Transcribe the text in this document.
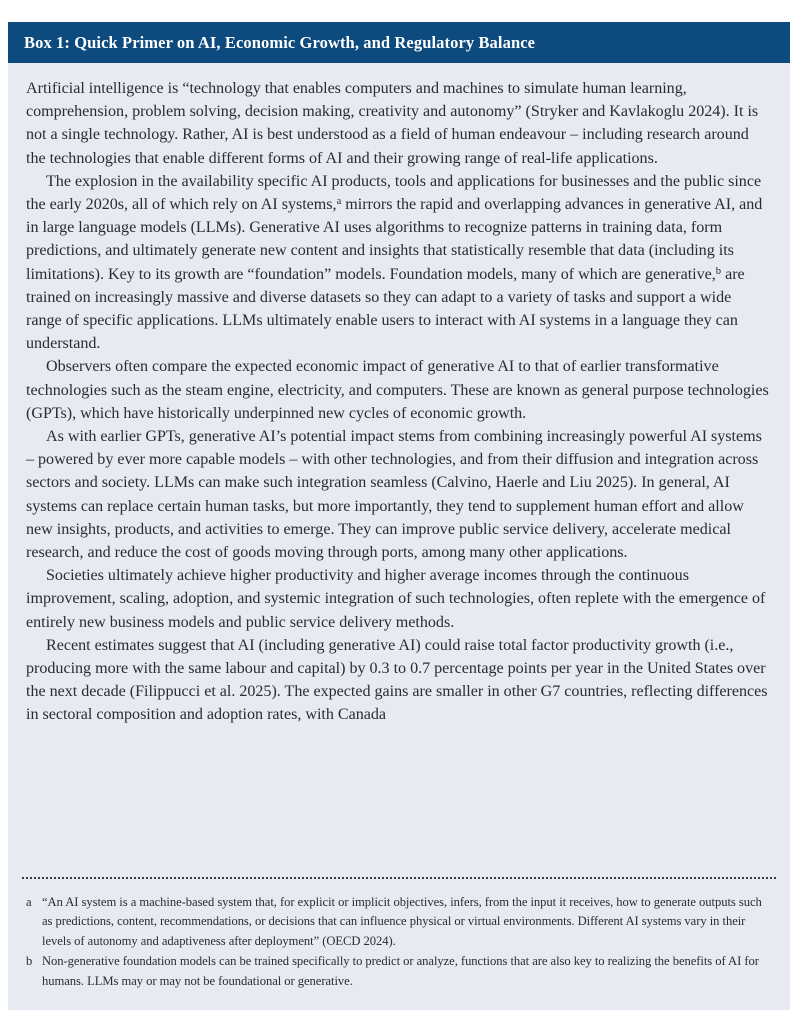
Box 1: Quick Primer on AI, Economic Growth, and Regulatory Balance

Artificial intelligence is “technology that enables computers and machines to simulate human learning, comprehension, problem solving, decision making, creativity and autonomy” (Stryker and Kavlakoglu 2024). It is not a single technology. Rather, AI is best understood as a field of human endeavour – including research around the technologies that enable different forms of AI and their growing range of real-life applications.

The explosion in the availability specific AI products, tools and applications for businesses and the public since the early 2020s, all of which rely on AI systems,$^a$ mirrors the rapid and overlapping advances in generative AI, and in large language models (LLMs). Generative AI uses algorithms to recognize patterns in training data, form predictions, and ultimately generate new content and insights that statistically resemble that data (including its limitations). Key to its growth are “foundation” models. Foundation models, many of which are generative,$^b$ are trained on increasingly massive and diverse datasets so they can adapt to a variety of tasks and support a wide range of specific applications. LLMs ultimately enable users to interact with AI systems in a language they can understand.

Observers often compare the expected economic impact of generative AI to that of earlier transformative technologies such as the steam engine, electricity, and computers. These are known as general purpose technologies (GPTs), which have historically underpinned new cycles of economic growth.

As with earlier GPTs, generative AI’s potential impact stems from combining increasingly powerful AI systems – powered by ever more capable models – with other technologies, and from their diffusion and integration across sectors and society. LLMs can make such integration seamless (Calvino, Haerle and Liu 2025). In general, AI systems can replace certain human tasks, but more importantly, they tend to supplement human effort and allow new insights, products, and activities to emerge. They can improve public service delivery, accelerate medical research, and reduce the cost of goods moving through ports, among many other applications.

Societies ultimately achieve higher productivity and higher average incomes through the continuous improvement, scaling, adoption, and systemic integration of such technologies, often replete with the emergence of entirely new business models and public service delivery methods.

Recent estimates suggest that AI (including generative AI) could raise total factor productivity growth (i.e., producing more with the same labour and capital) by 0.3 to 0.7 percentage points per year in the United States over the next decade (Filippucci et al. 2025). The expected gains are smaller in other G7 countries, reflecting differences in sectoral composition and adoption rates, with Canada

a “An AI system is a machine-based system that, for explicit or implicit objectives, infers, from the input it receives, how to generate outputs such as predictions, content, recommendations, or decisions that can influence physical or virtual environments. Different AI systems vary in their levels of autonomy and adaptiveness after deployment” (OECD 2024).
b Non-generative foundation models can be trained specifically to predict or analyze, functions that are also key to realizing the benefits of AI for humans. LLMs may or may not be foundational or generative.
